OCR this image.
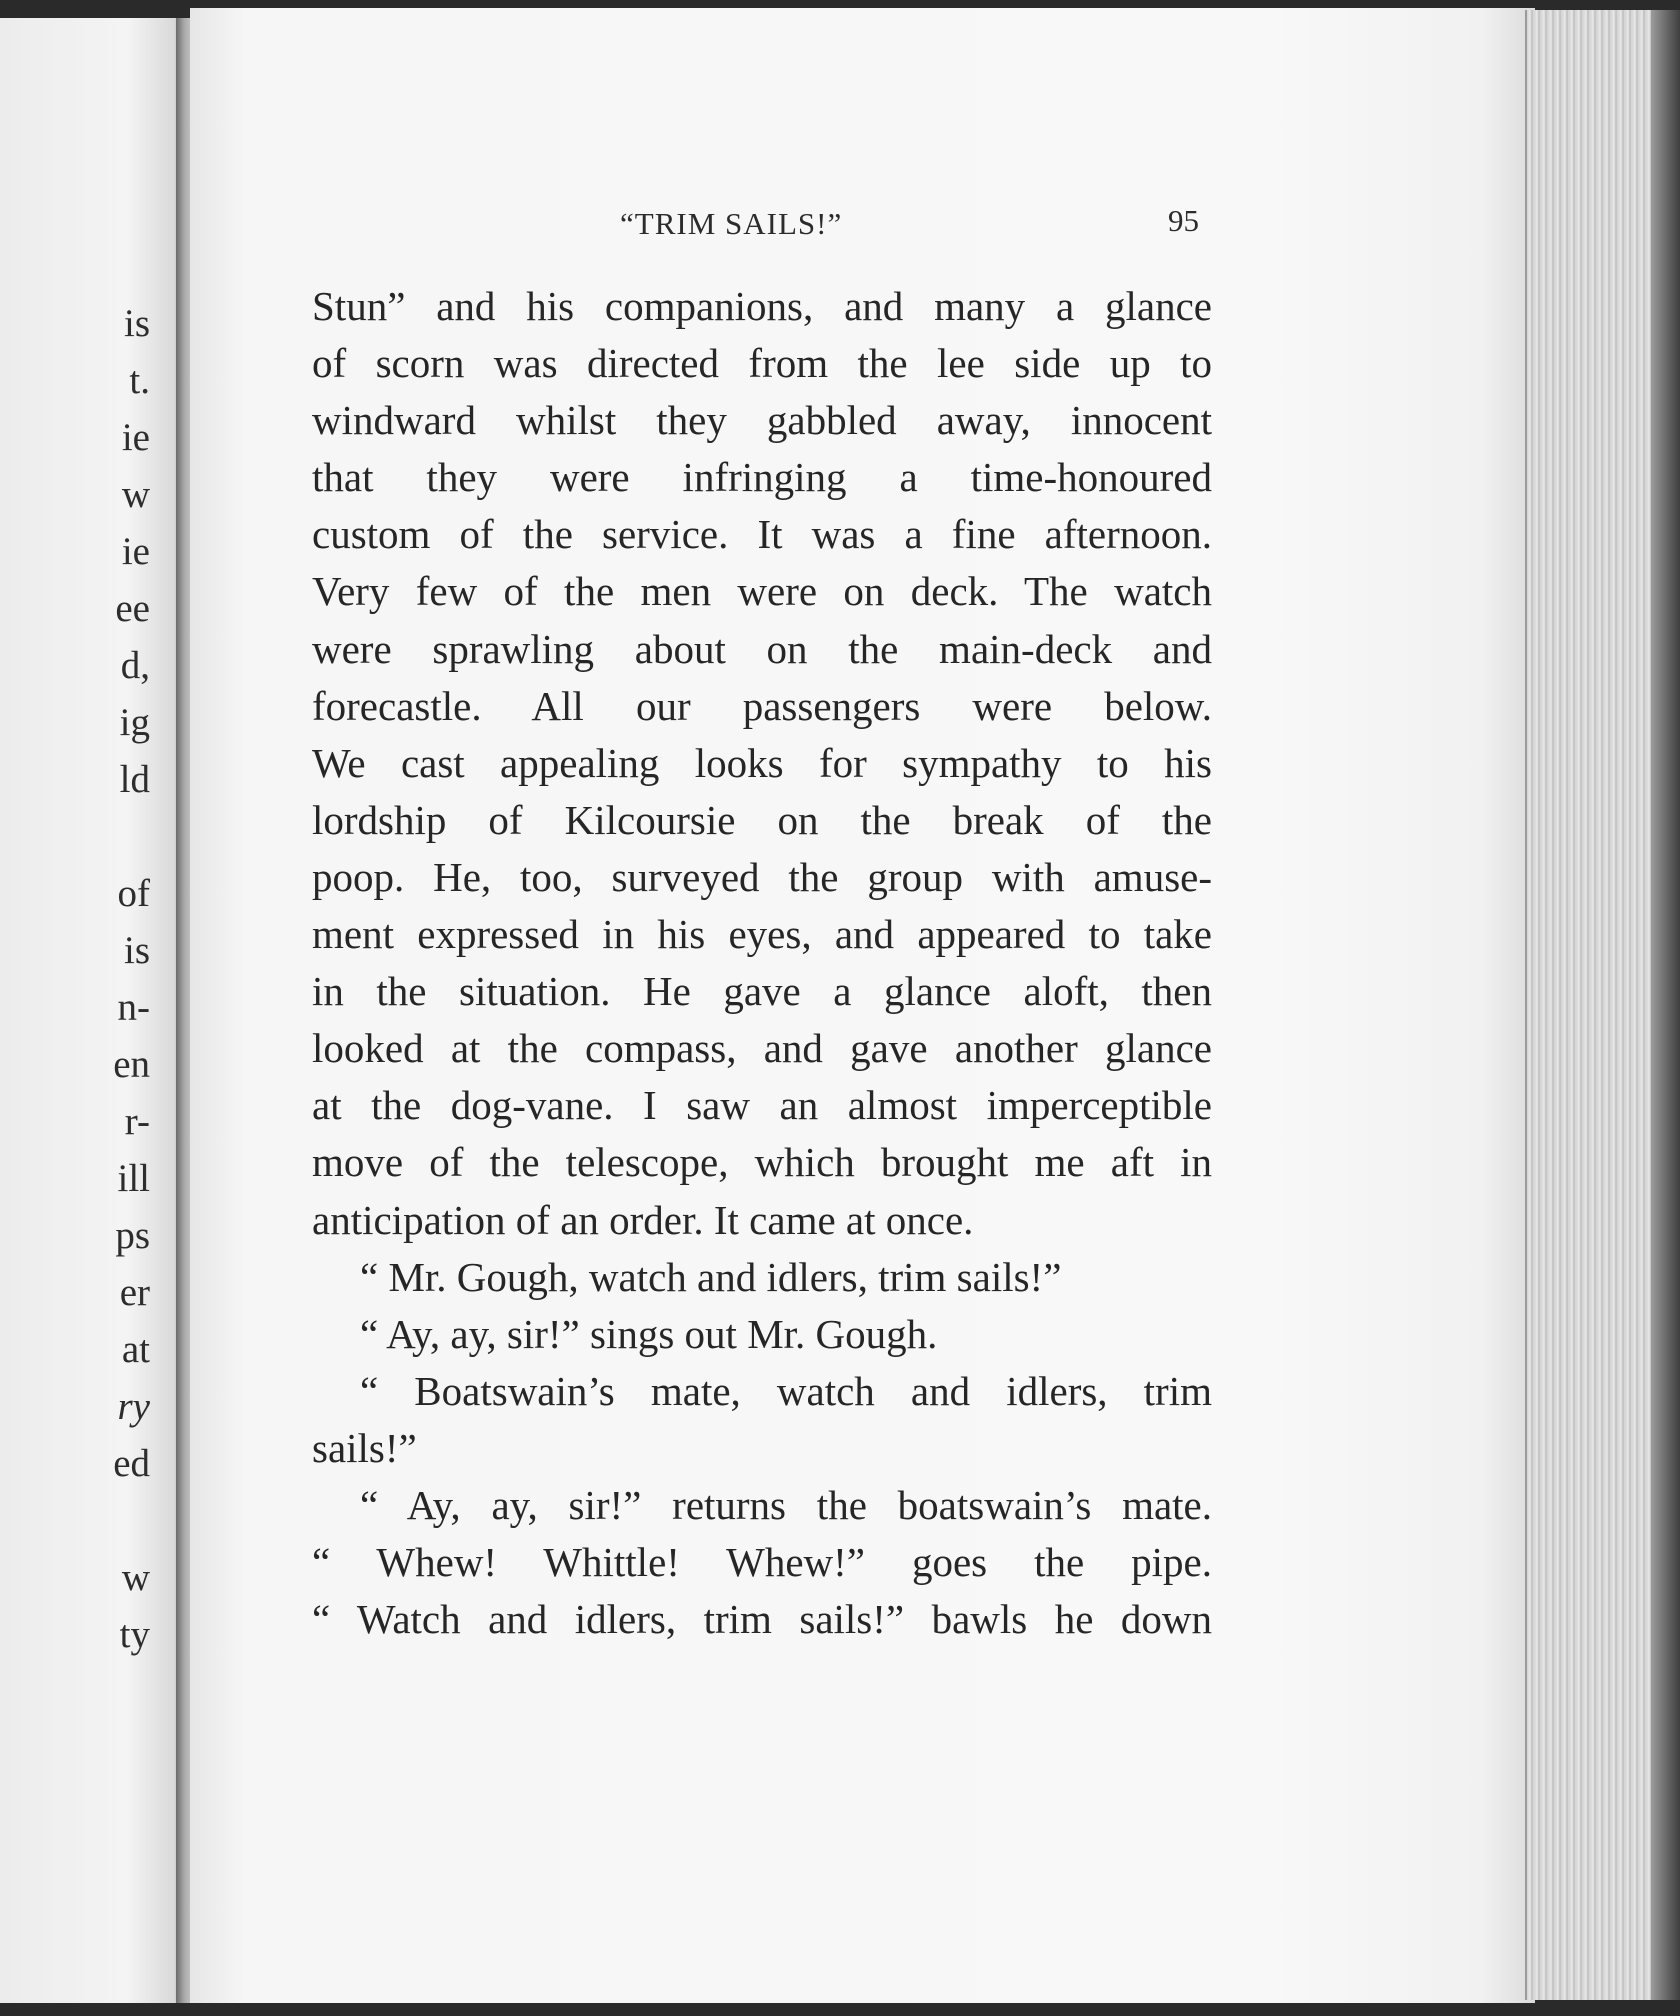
is
t.
ie
w
ie
ee
d,
ig
ld
of
is
n-
en
r-
ill
ps
er
at
ry
ed
w
ty
“TRIM SAILS!”	95
Stun” and his companions, and many a glance
of scorn was directed from the lee side up to
windward whilst they gabbled away, innocent
that they were infringing a time-honoured
custom of the service. It was a fine afternoon.
Very few of the men were on deck. The watch
were sprawling about on the main-deck and
forecastle. All our passengers were below.
We cast appealing looks for sympathy to his
lordship of Kilcoursie on the break of the
poop. He, too, surveyed the group with amuse-
ment expressed in his eyes, and appeared to take
in the situation. He gave a glance aloft, then
looked at the compass, and gave another glance
at the dog-vane. I saw an almost imperceptible
move of the telescope, which brought me aft in
anticipation of an order. It came at once.
“ Mr. Gough, watch and idlers, trim sails!”
“ Ay, ay, sir!” sings out Mr. Gough.
“ Boatswain’s mate, watch and idlers, trim
sails!”
“ Ay, ay, sir!” returns the boatswain’s mate.
“ Whew! Whittle! Whew!” goes the pipe.
“ Watch and idlers, trim sails!” bawls he down
